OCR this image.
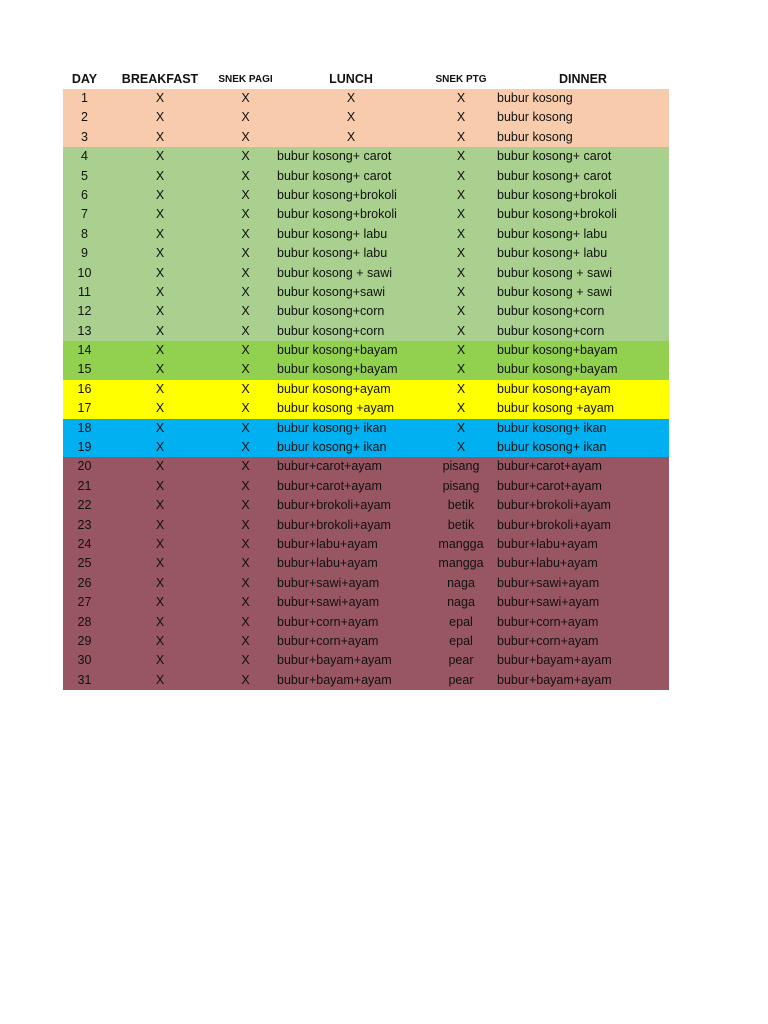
DAY	BREAKFAST	SNEK PAGI	LUNCH	SNEK PTG	DINNER
1	X	X	X	X	bubur kosong
2	X	X	X	X	bubur kosong
3	X	X	X	X	bubur kosong
4	X	X	bubur kosong+ carot	X	bubur kosong+ carot
5	X	X	bubur kosong+ carot	X	bubur kosong+ carot
6	X	X	bubur kosong+brokoli	X	bubur kosong+brokoli
7	X	X	bubur kosong+brokoli	X	bubur kosong+brokoli
8	X	X	bubur kosong+ labu	X	bubur kosong+ labu
9	X	X	bubur kosong+ labu	X	bubur kosong+ labu
10	X	X	bubur kosong + sawi	X	bubur kosong + sawi
11	X	X	bubur kosong+sawi	X	bubur kosong + sawi
12	X	X	bubur kosong+corn	X	bubur kosong+corn
13	X	X	bubur kosong+corn	X	bubur kosong+corn
14	X	X	bubur kosong+bayam	X	bubur kosong+bayam
15	X	X	bubur kosong+bayam	X	bubur kosong+bayam
16	X	X	bubur kosong+ayam	X	bubur kosong+ayam
17	X	X	bubur kosong +ayam	X	bubur kosong +ayam
18	X	X	bubur kosong+ ikan	X	bubur kosong+ ikan
19	X	X	bubur kosong+ ikan	X	bubur kosong+ ikan
20	X	X	bubur+carot+ayam	pisang	bubur+carot+ayam
21	X	X	bubur+carot+ayam	pisang	bubur+carot+ayam
22	X	X	bubur+brokoli+ayam	betik	bubur+brokoli+ayam
23	X	X	bubur+brokoli+ayam	betik	bubur+brokoli+ayam
24	X	X	bubur+labu+ayam	mangga	bubur+labu+ayam
25	X	X	bubur+labu+ayam	mangga	bubur+labu+ayam
26	X	X	bubur+sawi+ayam	naga	bubur+sawi+ayam
27	X	X	bubur+sawi+ayam	naga	bubur+sawi+ayam
28	X	X	bubur+corn+ayam	epal	bubur+corn+ayam
29	X	X	bubur+corn+ayam	epal	bubur+corn+ayam
30	X	X	bubur+bayam+ayam	pear	bubur+bayam+ayam
31	X	X	bubur+bayam+ayam	pear	bubur+bayam+ayam
